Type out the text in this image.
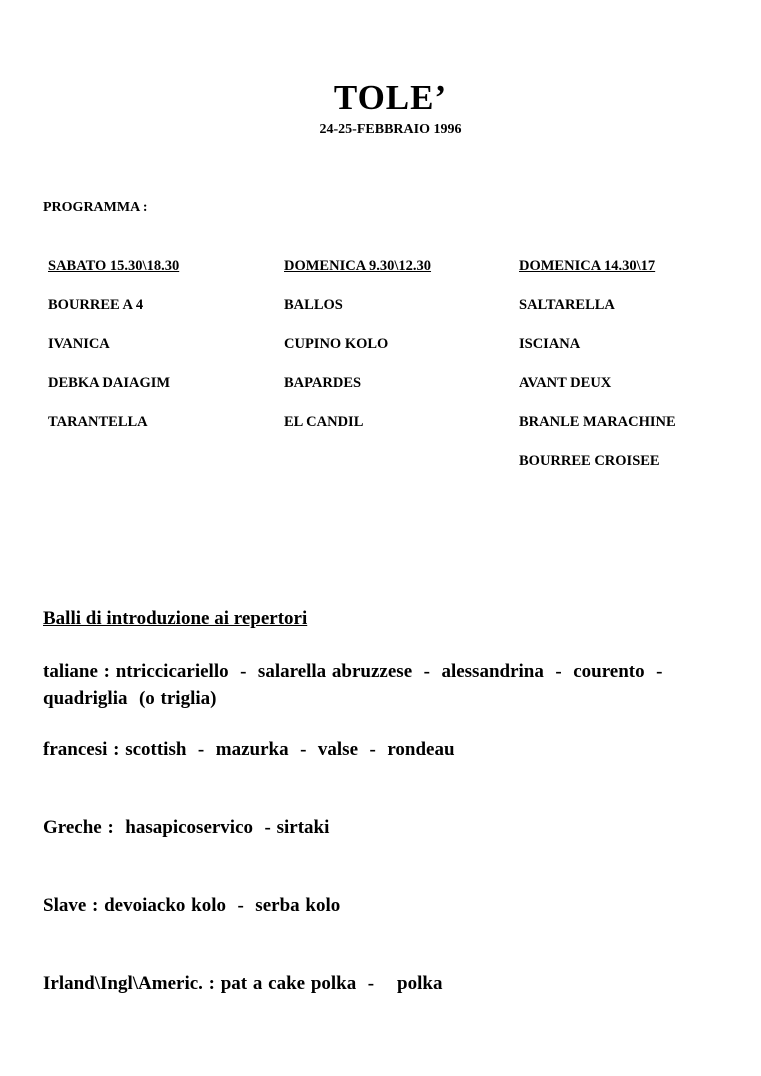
TOLE’
24-25-FEBBRAIO 1996
PROGRAMMA :
SABATO 15.30\18.30
BOURREE A 4
IVANICA
DEBKA DAIAGIM
TARANTELLA
DOMENICA 9.30\12.30
BALLOS
CUPINO KOLO
BAPARDES
EL CANDIL
DOMENICA 14.30\17
SALTARELLA
ISCIANA
AVANT DEUX
BRANLE MARACHINE
BOURREE CROISEE
Balli di introduzione ai repertori
taliane : ntriccicariello  -  salarella abruzzese  -  alessandrina  -  courento  -  quadriglia  (o triglia)
francesi : scottish  -  mazurka  -  valse  -  rondeau
Greche :  hasapicoservico  - sirtaki
Slave : devoiacko kolo  -  serba kolo
Irland\Ingl\Americ. : pat a cake polka  -    polka
